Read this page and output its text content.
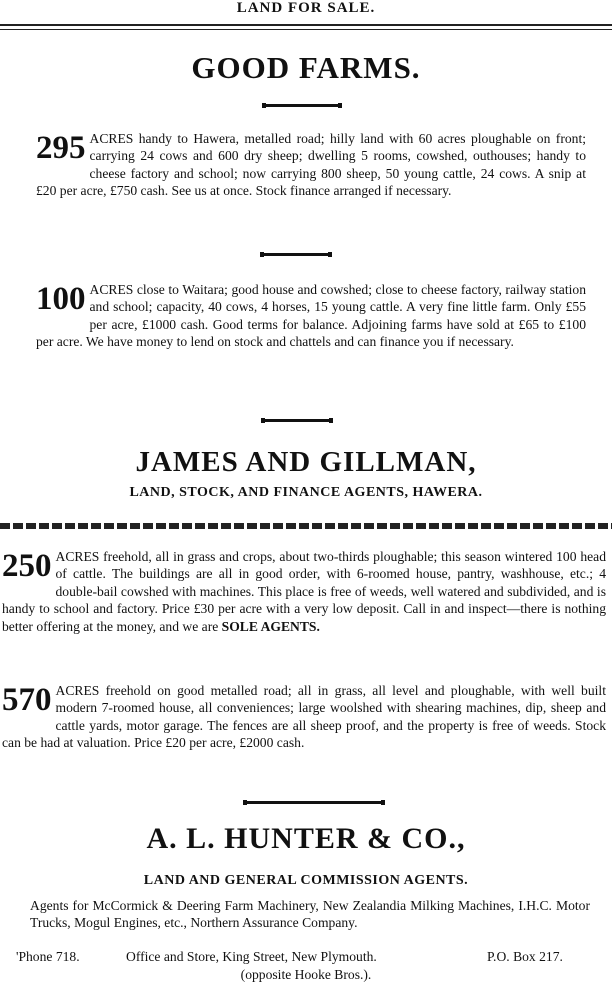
LAND FOR SALE.
GOOD FARMS.
295 ACRES handy to Hawera, metalled road; hilly land with 60 acres ploughable on front; carrying 24 cows and 600 dry sheep; dwelling 5 rooms, cowshed, outhouses; handy to cheese factory and school; now carrying 800 sheep, 50 young cattle, 24 cows. A snip at £20 per acre, £750 cash. See us at once. Stock finance arranged if necessary.
100 ACRES close to Waitara; good house and cowshed; close to cheese factory, railway station and school; capacity, 40 cows, 4 horses, 15 young cattle. A very fine little farm. Only £55 per acre, £1000 cash. Good terms for balance. Adjoining farms have sold at £65 to £100 per acre. We have money to lend on stock and chattels and can finance you if necessary.
JAMES AND GILLMAN,
LAND, STOCK, AND FINANCE AGENTS, HAWERA.
250 ACRES freehold, all in grass and crops, about two-thirds ploughable; this season wintered 100 head of cattle. The buildings are all in good order, with 6-roomed house, pantry, washhouse, etc.; 4 double-bail cowshed with machines. This place is free of weeds, well watered and subdivided, and is handy to school and factory. Price £30 per acre with a very low deposit. Call in and inspect—there is nothing better offering at the money, and we are SOLE AGENTS.
570 ACRES freehold on good metalled road; all in grass, all level and ploughable, with well built modern 7-roomed house, all conveniences; large woolshed with shearing machines, dip, sheep and cattle yards, motor garage. The fences are all sheep proof, and the property is free of weeds. Stock can be had at valuation. Price £20 per acre, £2000 cash.
A. L. HUNTER & CO.,
LAND AND GENERAL COMMISSION AGENTS.
Agents for McCormick & Deering Farm Machinery, New Zealandia Milking Machines, I.H.C. Motor Trucks, Mogul Engines, etc., Northern Assurance Company.
'Phone 718.	Office and Store, King Street, New Plymouth.	P.O. Box 217.
(opposite Hooke Bros.).
